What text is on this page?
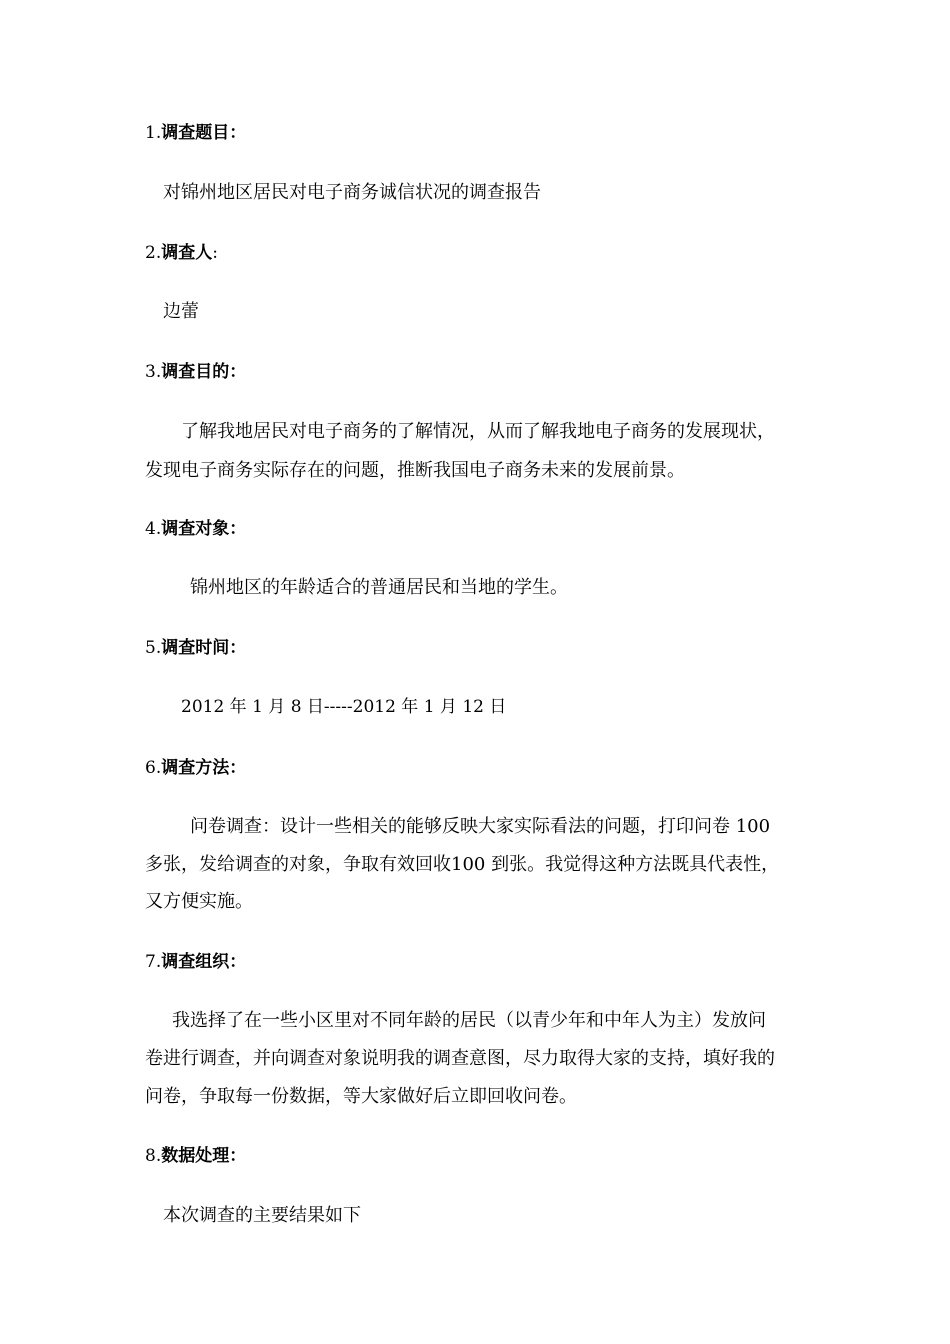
1.调查题目：
对锦州地区居民对电子商务诚信状况的调查报告
2.调查人:
边蕾
3.调查目的：
了解我地居民对电子商务的了解情况，从而了解我地电子商务的发展现状，
发现电子商务实际存在的问题，推断我国电子商务未来的发展前景。
4.调查对象：
锦州地区的年龄适合的普通居民和当地的学生。
5.调查时间：
2012 年 1 月 8 日-----2012 年 1 月 12 日
6.调查方法：
问卷调查：设计一些相关的能够反映大家实际看法的问题，打印问卷 100
多张，发给调查的对象，争取有效回收100 到张。我觉得这种方法既具代表性，
又方便实施。
7.调查组织：
我选择了在一些小区里对不同年龄的居民（以青少年和中年人为主）发放问
卷进行调查，并向调查对象说明我的调查意图，尽力取得大家的支持，填好我的
问卷，争取每一份数据，等大家做好后立即回收问卷。
8.数据处理：
本次调查的主要结果如下
